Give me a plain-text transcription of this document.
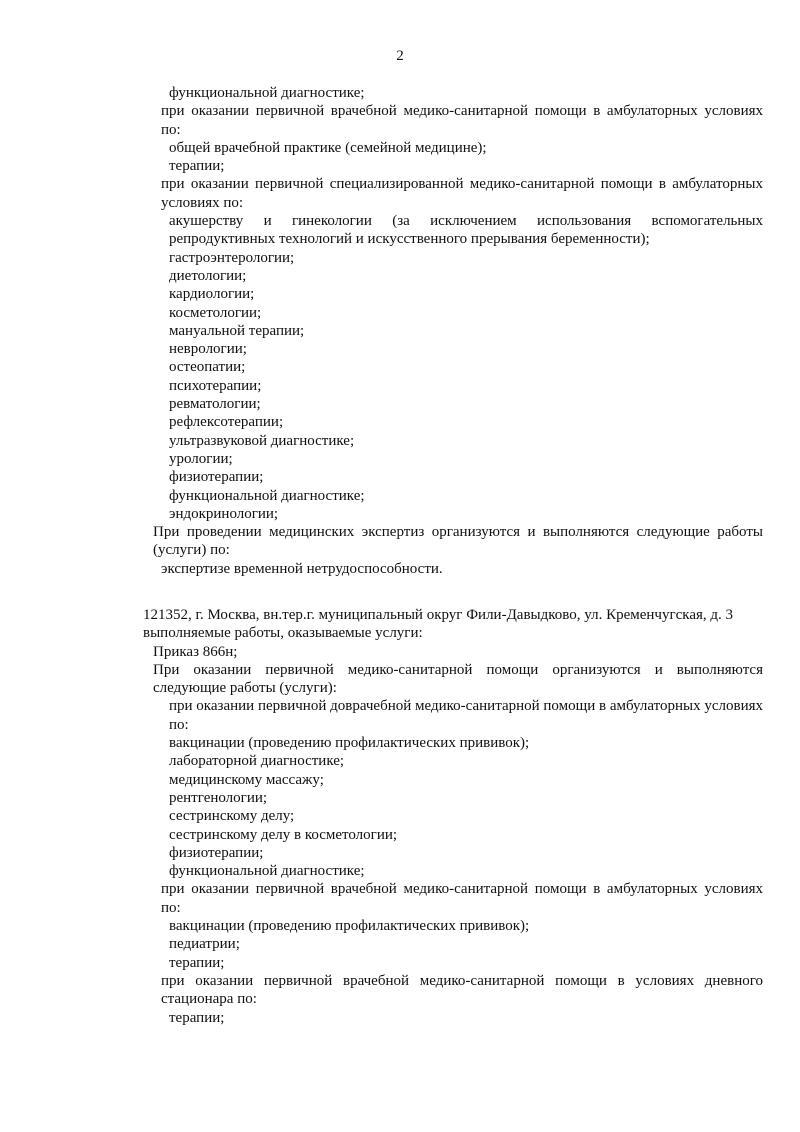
2
функциональной диагностике;
при оказании первичной врачебной медико-санитарной помощи в амбулаторных условиях по:
общей врачебной практике (семейной медицине);
терапии;
при оказании первичной специализированной медико-санитарной помощи в амбулаторных условиях по:
акушерству и гинекологии (за исключением использования вспомогательных репродуктивных технологий и искусственного прерывания беременности);
гастроэнтерологии;
диетологии;
кардиологии;
косметологии;
мануальной терапии;
неврологии;
остеопатии;
психотерапии;
ревматологии;
рефлексотерапии;
ультразвуковой диагностике;
урологии;
физиотерапии;
функциональной диагностике;
эндокринологии;
При проведении медицинских экспертиз организуются и выполняются следующие работы (услуги) по:
экспертизе временной нетрудоспособности.
121352, г. Москва, вн.тер.г. муниципальный округ Фили-Давыдково, ул. Кременчугская, д. 3
выполняемые работы, оказываемые услуги:
Приказ 866н;
При оказании первичной медико-санитарной помощи организуются и выполняются следующие работы (услуги):
при оказании первичной доврачебной медико-санитарной помощи в амбулаторных условиях по:
вакцинации (проведению профилактических прививок);
лабораторной диагностике;
медицинскому массажу;
рентгенологии;
сестринскому делу;
сестринскому делу в косметологии;
физиотерапии;
функциональной диагностике;
при оказании первичной врачебной медико-санитарной помощи в амбулаторных условиях по:
вакцинации (проведению профилактических прививок);
педиатрии;
терапии;
при оказании первичной врачебной медико-санитарной помощи в условиях дневного стационара по:
терапии;
